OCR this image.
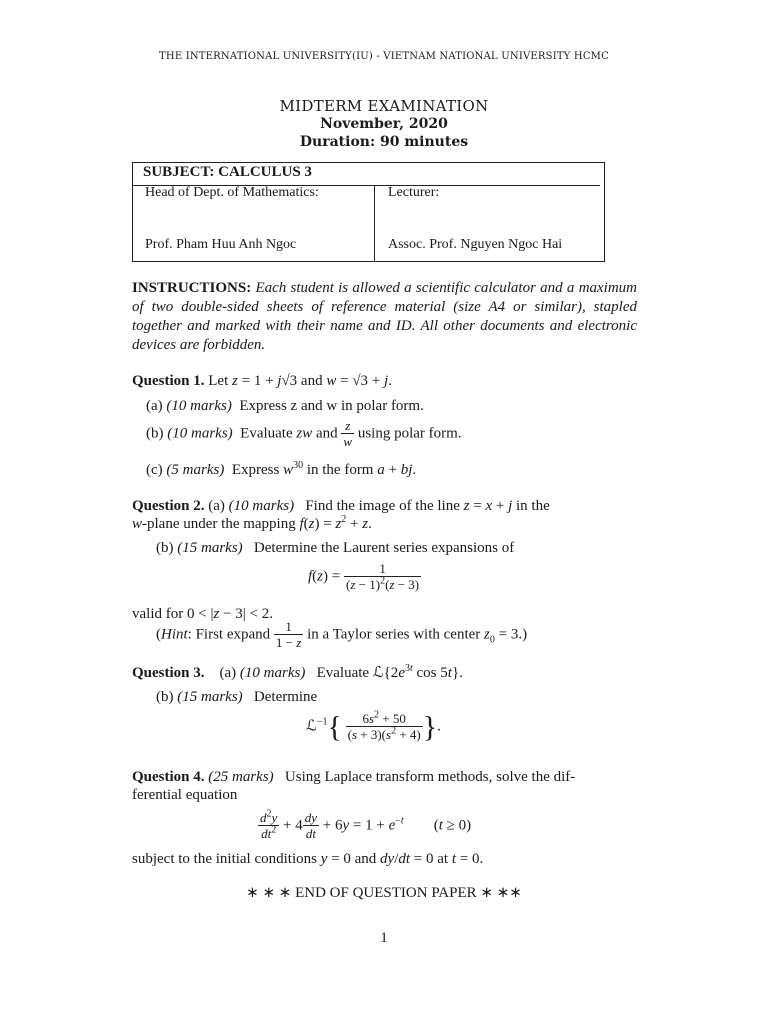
THE INTERNATIONAL UNIVERSITY(IU) - VIETNAM NATIONAL UNIVERSITY HCMC
MIDTERM EXAMINATION
November, 2020
Duration: 90 minutes
SUBJECT: CALCULUS 3
Head of Dept. of Mathematics:	Lecturer:
Prof. Pham Huu Anh Ngoc	Assoc. Prof. Nguyen Ngoc Hai
INSTRUCTIONS: Each student is allowed a scientific calculator and a maximum of two double-sided sheets of reference material (size A4 or similar), stapled together and marked with their name and ID. All other documents and electronic devices are forbidden.
Question 1. Let z = 1 + j√3 and w = √3 + j.
(a) (10 marks) Express z and w in polar form.
(b) (10 marks)  Evaluate zw and $\frac{z}{w}$ using polar form.
(c) (5 marks)  Express $w^{30}$ in the form a + bj.
Question 2. (a) (10 marks)   Find the image of the line z = x + j in the
w-plane under the mapping $f(z) = z^2 + z$.
(b) (15 marks) Determine the Laurent series expansions of
$f(z) = \frac{1}{(z - 1)^2(z - 3)}$
valid for 0 < |z − 3| < 2.
(Hint: First expand $\frac{1}{1 - z}$ in a Taylor series with center $z_0 = 3$.)
Question 3. (a) (10 marks)   Evaluate $ℒ\{2e^{3t}$ cos 5t}.
(b) (15 marks) Determine
ℒ$^{-1}${ $\frac{6s^2 + 50}{(s + 3)(s^2 + 4)}$ }.
Question 4. (25 marks) Using Laplace transform methods, solve the dif-
ferential equation
$\frac{d^2y}{dt^2} + 4 \frac{dy}{dt} + 6y = 1 + e^{-t}$        (t ≥ 0)
subject to the initial conditions y = 0 and dy/dt = 0 at t = 0.
∗ ∗ ∗ END OF QUESTION PAPER ∗ ∗∗
1
